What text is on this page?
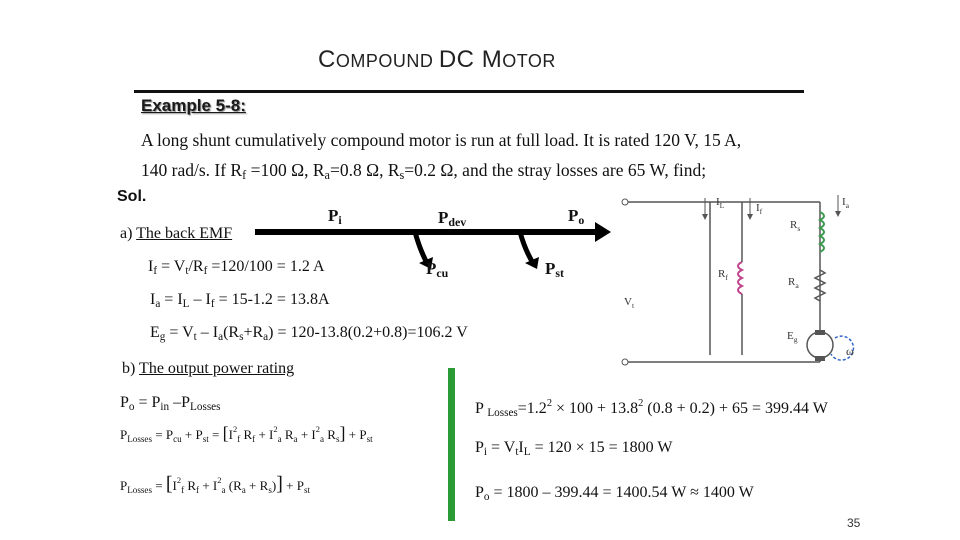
COMPOUND DC MOTOR
Example 5-8:
A long shunt cumulatively compound motor is run at full load. It is rated 120 V, 15 A,
140 rad/s. If $R_f =100$ Ω, $R_a=0.8$ Ω, $R_s=0.2$ Ω, and the stray losses are 65 W, find;
Sol.
$P_i$	$P_{dev}$	$P_o$
$P_{cu}$	$P_{st}$
a) The back EMF
$I_f = V_t/R_f =120/100 = 1.2$ A
$I_a = I_L - I_f = 15-1.2 = 13.8A$
$E_g = V_t - I_a(R_s+R_a) = 120-13.8(0.2+0.8)=106.2$ V
b) The output power rating
$P_o = P_{in}$ $-P_{Losses}$
$P_{Losses} = P_{cu} + P_{st} = [I^2_f$ $R_f + I^2_a$ $R_a + I^2_a$ $R_s] + P_{st}$
$P_{Losses} = [I^2_f$ $R_f + I^2_a$ $(R_a + R_s)] + P_{st}$
P $_{Losses}=1.2^2 \times 100 + 13.8^2$ (0.8 + 0.2) + 65 = 399.44 W
$P_i = V_tI_L = 120 \times 15 = 1800$ W
$P_o = 1800 - 399.44 = 1400.54$ W ≈ 1400 W
$I_L$	$I_f$
$I_a$
$R_s$
$R_f$	$R_a$
$V_t$
$E_g$
ω
35
